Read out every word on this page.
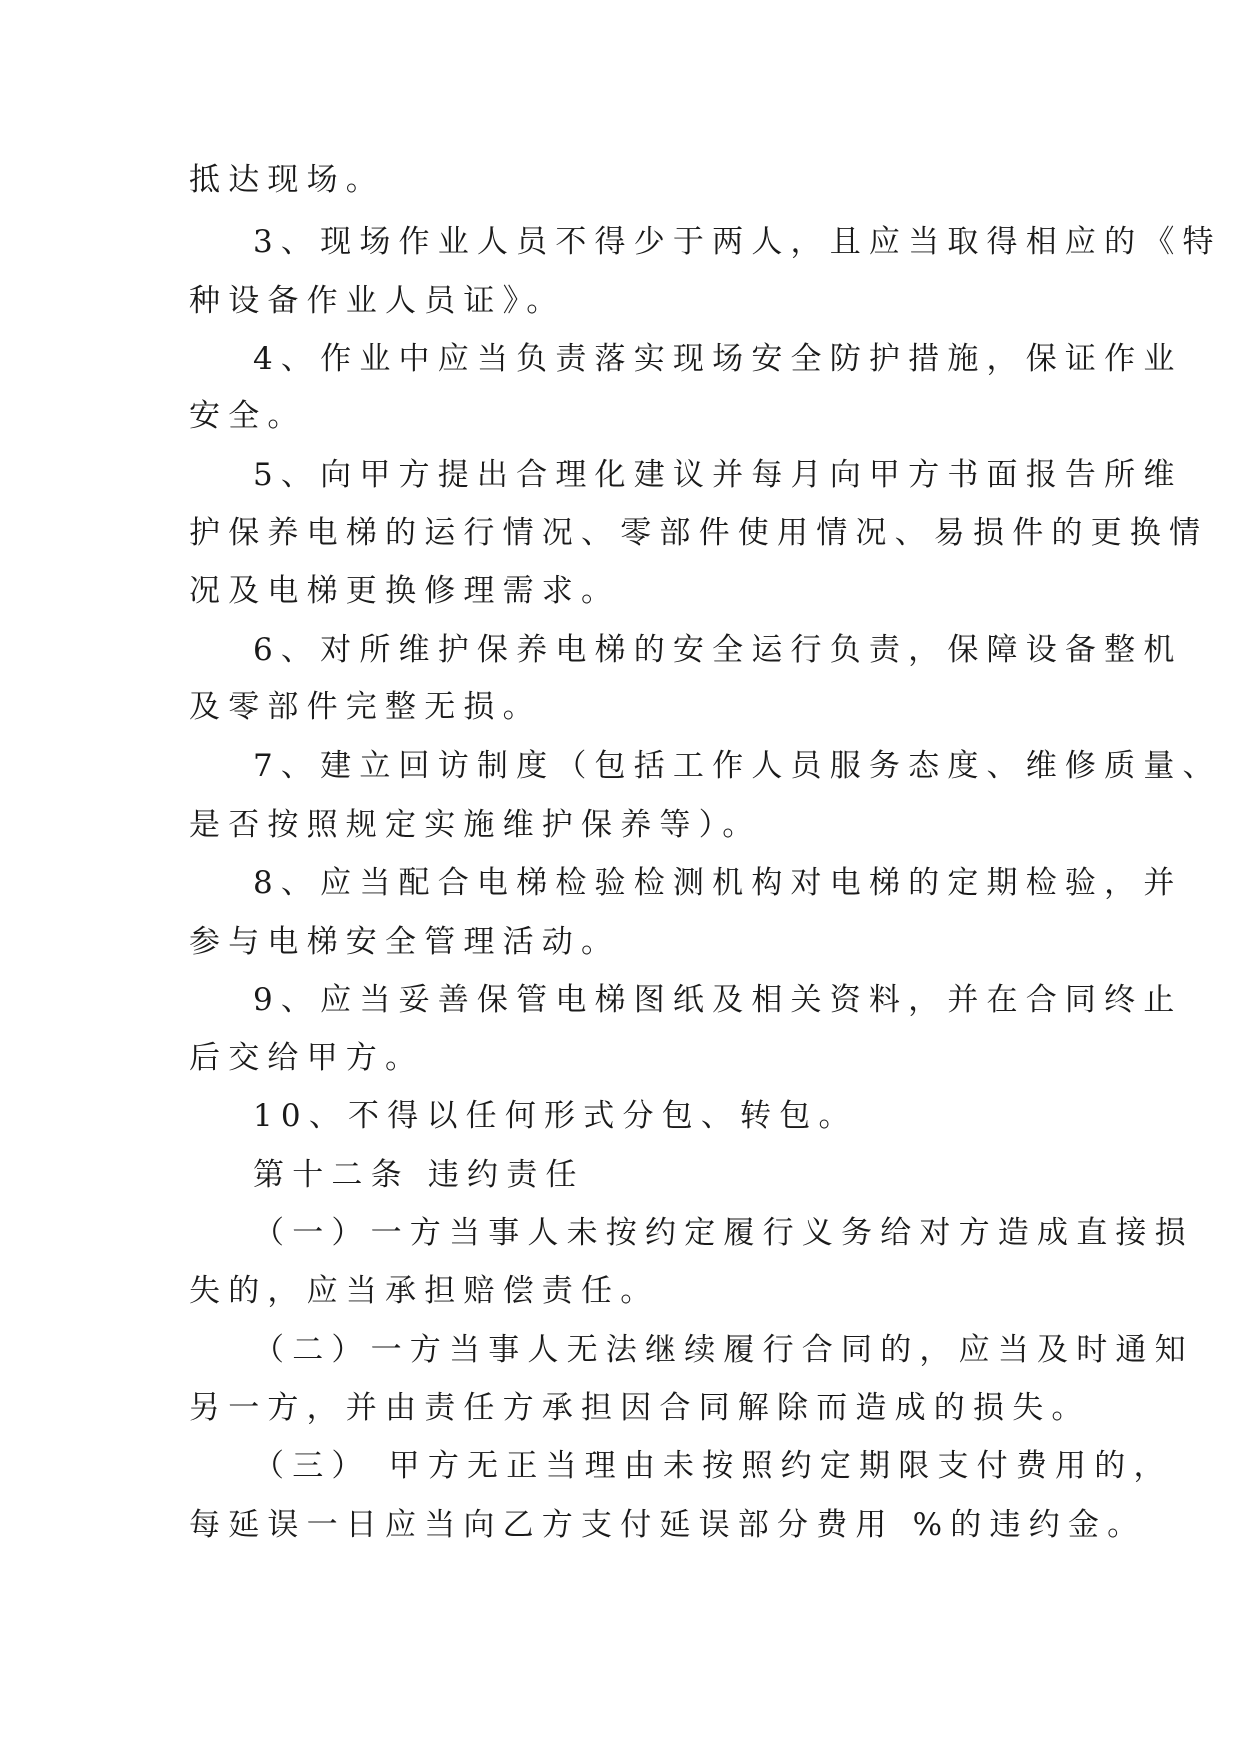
抵达现场。
3、现场作业人员不得少于两人，且应当取得相应的《特
种设备作业人员证》。
4、作业中应当负责落实现场安全防护措施，保证作业
安全。
5、向甲方提出合理化建议并每月向甲方书面报告所维
护保养电梯的运行情况、零部件使用情况、易损件的更换情
况及电梯更换修理需求。
6、对所维护保养电梯的安全运行负责，保障设备整机
及零部件完整无损。
7、建立回访制度（包括工作人员服务态度、维修质量、
是否按照规定实施维护保养等）。
8、应当配合电梯检验检测机构对电梯的定期检验，并
参与电梯安全管理活动。
9、应当妥善保管电梯图纸及相关资料，并在合同终止
后交给甲方。
10、不得以任何形式分包、转包。
第十二条 违约责任
（一）一方当事人未按约定履行义务给对方造成直接损
失的，应当承担赔偿责任。
（二）一方当事人无法继续履行合同的，应当及时通知
另一方，并由责任方承担因合同解除而造成的损失。
（三） 甲方无正当理由未按照约定期限支付费用的，
每延误一日应当向乙方支付延误部分费用 %的违约金。
